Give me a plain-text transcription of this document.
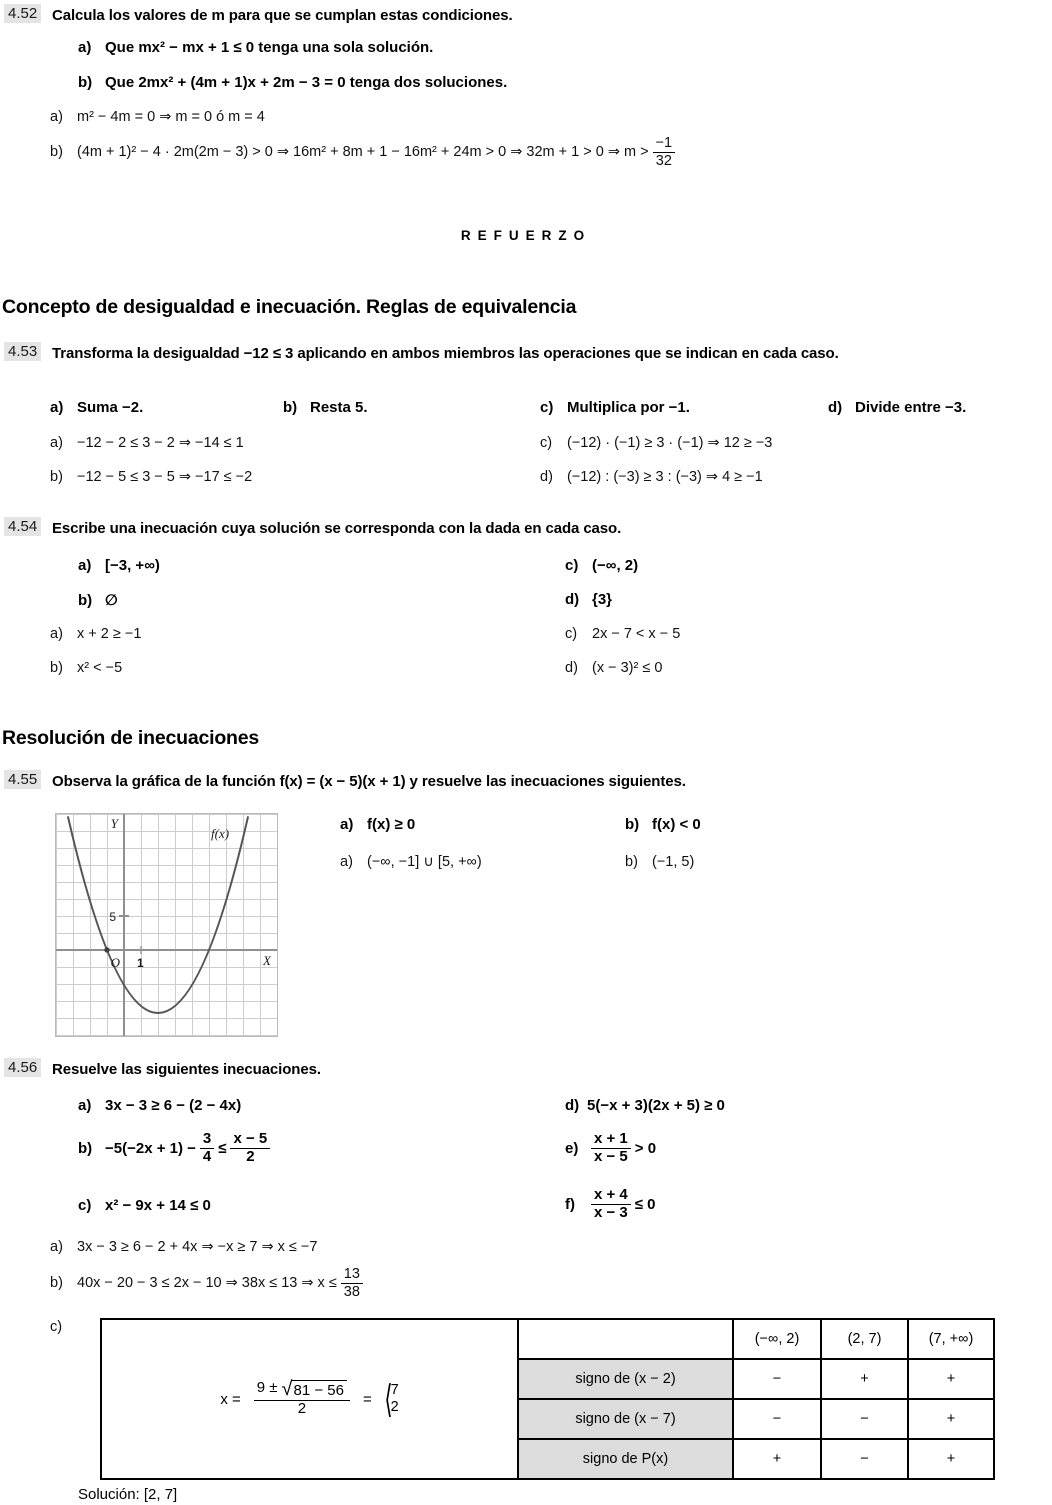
4.52 Calcula los valores de m para que se cumplan estas condiciones.
a) Que mx² − mx + 1 ≤ 0 tenga una sola solución.
b) Que 2mx² + (4m + 1)x + 2m − 3 = 0 tenga dos soluciones.
a) m² − 4m = 0 ⇒ m = 0 ó m = 4
b) (4m + 1)² − 4 · 2m(2m − 3) > 0 ⇒ 16m² + 8m + 1 − 16m² + 24m > 0 ⇒ 32m + 1 > 0 ⇒ $m > \frac{-1}{32}$
REFUERZO
Concepto de desigualdad e inecuación. Reglas de equivalencia
4.53 Transforma la desigualdad −12 ≤ 3 aplicando en ambos miembros las operaciones que se indican en cada caso.
a) Suma −2.	b) Resta 5.	c) Multiplica por −1.	d) Divide entre −3.
a) −12 − 2 ≤ 3 − 2 ⇒ −14 ≤ 1	c) (−12) · (−1) ≥ 3 · (−1) ⇒ 12 ≥ −3
b) −12 − 5 ≤ 3 − 5 ⇒ −17 ≤ −2	d) (−12) : (−3) ≥ 3 : (−3) ⇒ 4 ≥ −1
4.54 Escribe una inecuación cuya solución se corresponda con la dada en cada caso.
a) [−3, +∞)	c) (−∞, 2)
b) ∅	d) {3}
a) x + 2 ≥ −1	c) 2x − 7 < x − 5
b) x² < −5	d) (x − 3)² ≤ 0
Resolución de inecuaciones
4.55 Observa la gráfica de la función f(x) = (x − 5)(x + 1) y resuelve las inecuaciones siguientes.
Y
X
O 1
5
f(x)
a) f(x) ≥ 0	b) f(x) < 0
a) (−∞, −1] ∪ [5, +∞)	b) (−1, 5)
4.56 Resuelve las siguientes inecuaciones.
a) 3x − 3 ≥ 6 − (2 − 4x)	d) 5(−x + 3)(2x + 5) ≥ 0
$b) -5(-2x + 1) - \frac{3}{4} \le \frac{x - 5}{2}$	$e) \frac{x + 1}{x - 5} > 0$
c) x² − 9x + 14 ≤ 0	f)	$\frac{x + 4}{x - 3} \le 0$
a) 3x − 3 ≥ 6 − 2 + 4x ⇒ −x ≥ 7 ⇒ x ≤ −7
b) 40x − 20 − 3 ≤ 2x − 10 ⇒ 38x ≤ 13 ⇒ $x \le \frac{13}{38}$
c)
$x = \frac{9 \pm √ 81 - 56}{2}$ = ⟨
7
2
		(−∞, 2)	(2, 7)	(7, +∞)
	signo de (x − 2)	−	+	+
	signo de (x − 7)	−	−	+
	signo de P(x)	+	−	+
Solución: [2, 7]
